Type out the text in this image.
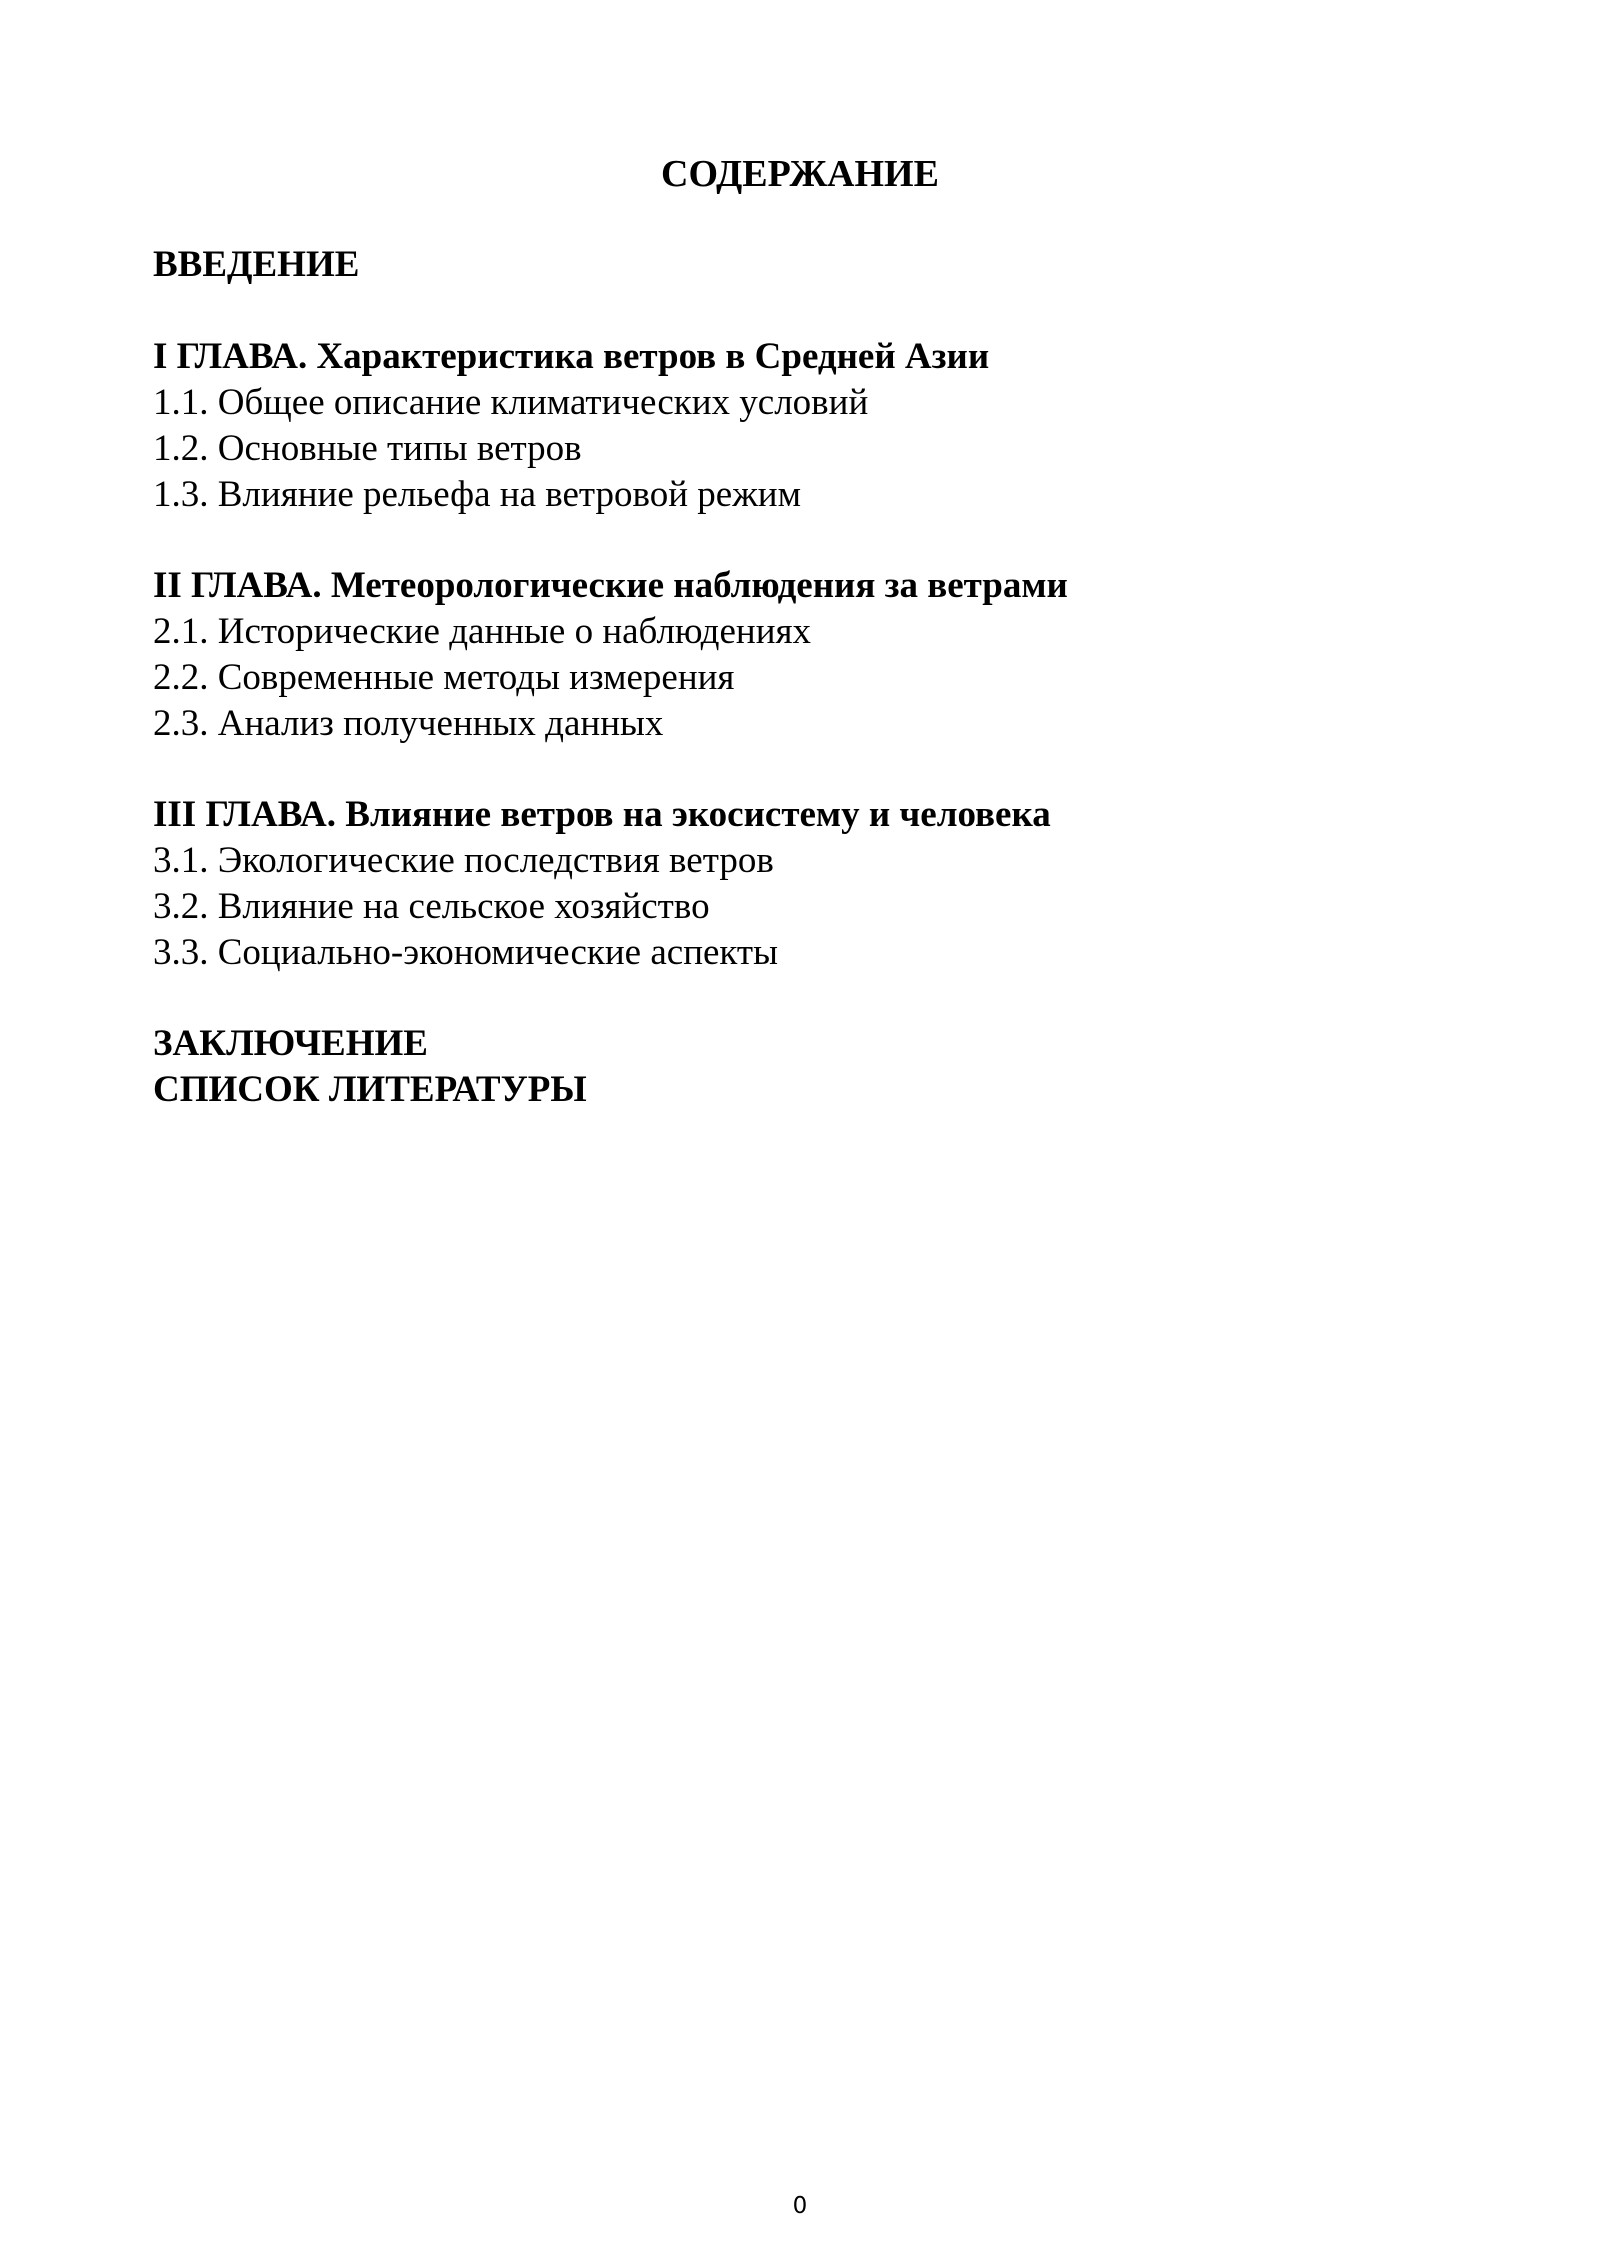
СОДЕРЖАНИЕ

ВВЕДЕНИЕ

I ГЛАВА. Характеристика ветров в Средней Азии

1.1. Общее описание климатических условий

1.2. Основные типы ветров

1.3. Влияние рельефа на ветровой режим

II ГЛАВА. Метеорологические наблюдения за ветрами

2.1. Исторические данные о наблюдениях

2.2. Современные методы измерения

2.3. Анализ полученных данных

III ГЛАВА. Влияние ветров на экосистему и человека

3.1. Экологические последствия ветров

3.2. Влияние на сельское хозяйство

3.3. Социально-экономические аспекты

ЗАКЛЮЧЕНИЕ

СПИСОК ЛИТЕРАТУРЫ

0
